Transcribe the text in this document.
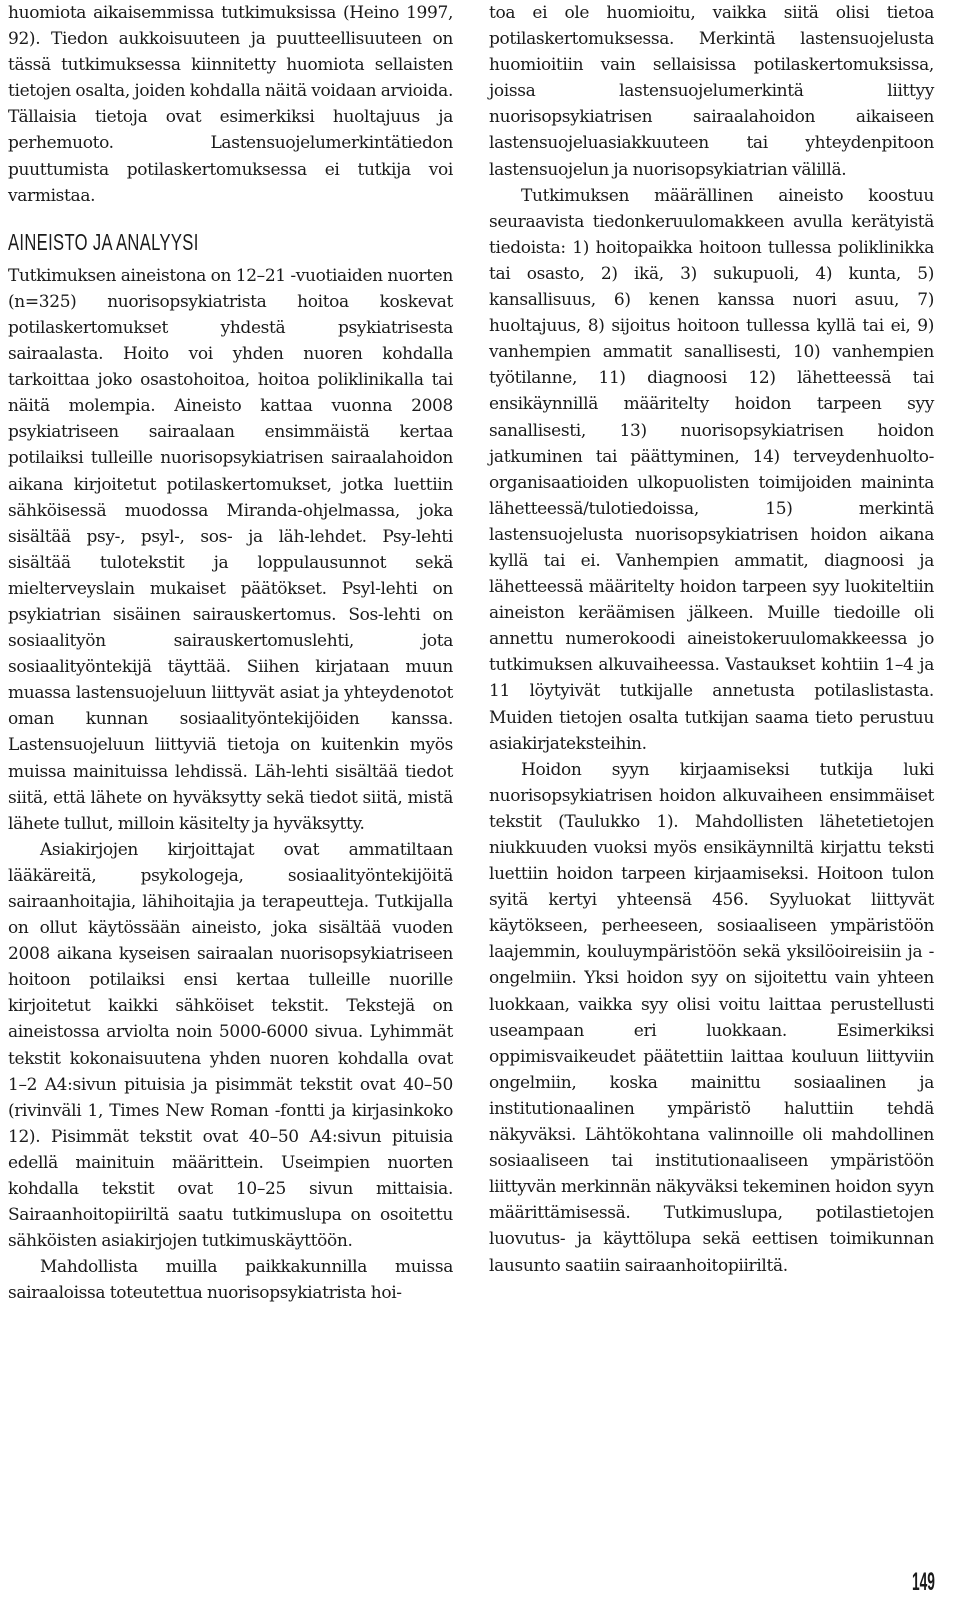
huomiota aikaisemmissa tutkimuksissa (Heino 1997, 92). Tiedon aukkoisuuteen ja puutteellisuuteen on tässä tutkimuksessa kiinnitetty huomiota sellaisten tietojen osalta, joiden kohdalla näitä voidaan arvioida. Tällaisia tietoja ovat esimerkiksi huoltajuus ja perhemuoto. Lastensuojelumerkintätiedon puuttumista potilaskertomuksessa ei tutkija voi varmistaa.

AINEISTO JA ANALYYSI

Tutkimuksen aineistona on 12–21 -vuotiaiden nuorten (n=325) nuorisopsykiatrista hoitoa koskevat potilaskertomukset yhdestä psykiatrisesta sairaalasta. Hoito voi yhden nuoren kohdalla tarkoittaa joko osastohoitoa, hoitoa poliklinikalla tai näitä molempia. Aineisto kattaa vuonna 2008 psykiatriseen sairaalaan ensimmäistä kertaa potilaiksi tulleille nuorisopsykiatrisen sairaalahoidon aikana kirjoitetut potilaskertomukset, jotka luettiin sähköisessä muodossa Miranda-ohjelmassa, joka sisältää psy-, psyl-, sos- ja läh-lehdet. Psy-lehti sisältää tulotekstit ja loppulausunnot sekä mielterveyslain mukaiset päätökset. Psyl-lehti on psykiatrian sisäinen sairauskertomus. Sos-lehti on sosiaalityön sairauskertomuslehti, jota sosiaalityöntekijä täyttää. Siihen kirjataan muun muassa lastensuojeluun liittyvät asiat ja yhteydenotot oman kunnan sosiaalityöntekijöiden kanssa. Lastensuojeluun liittyviä tietoja on kuitenkin myös muissa mainituissa lehdissä. Läh-lehti sisältää tiedot siitä, että lähete on hyväksytty sekä tiedot siitä, mistä lähete tullut, milloin käsitelty ja hyväksytty.

Asiakirjojen kirjoittajat ovat ammatiltaan lääkäreitä, psykologeja, sosiaalityöntekijöitä sairaanhoitajia, lähihoitajia ja terapeutteja. Tutkijalla on ollut käytössään aineisto, joka sisältää vuoden 2008 aikana kyseisen sairaalan nuorisopsykiatriseen hoitoon potilaiksi ensi kertaa tulleille nuorille kirjoitetut kaikki sähköiset tekstit. Tekstejä on aineistossa arviolta noin 5000-6000 sivua. Lyhimmät tekstit kokonaisuutena yhden nuoren kohdalla ovat 1–2 A4:sivun pituisia ja pisimmät tekstit ovat 40–50 (rivinväli 1, Times New Roman -fontti ja kirjasinkoko 12). Pisimmät tekstit ovat 40–50 A4:sivun pituisia edellä mainituin määrittein. Useimpien nuorten kohdalla tekstit ovat 10–25 sivun mittaisia. Sairaanhoitopiiriltä saatu tutkimuslupa on osoitettu sähköisten asiakirjojen tutkimuskäyttöön.

Mahdollista muilla paikkakunnilla muissa sairaaloissa toteutettua nuorisopsykiatrista hoi-

toa ei ole huomioitu, vaikka siitä olisi tietoa potilaskertomuksessa. Merkintä lastensuojelusta huomioitiin vain sellaisissa potilaskertomuksissa, joissa lastensuojelumerkintä liittyy nuorisopsykiatrisen sairaalahoidon aikaiseen lastensuojeluasiakkuuteen tai yhteydenpitoon lastensuojelun ja nuorisopsykiatrian välillä.

Tutkimuksen määrällinen aineisto koostuu seuraavista tiedonkeruulomakkeen avulla kerätyistä tiedoista: 1) hoitopaikka hoitoon tullessa poliklinikka tai osasto, 2) ikä, 3) sukupuoli, 4) kunta, 5) kansallisuus, 6) kenen kanssa nuori asuu, 7) huoltajuus, 8) sijoitus hoitoon tullessa kyllä tai ei, 9) vanhempien ammatit sanallisesti, 10) vanhempien työtilanne, 11) diagnoosi 12) lähetteessä tai ensikäynnillä määritelty hoidon tarpeen syy sanallisesti, 13) nuorisopsykiatrisen hoidon jatkuminen tai päättyminen, 14) terveydenhuolto-organisaatioiden ulkopuolisten toimijoiden maininta lähetteessä/tulotiedoissa, 15) merkintä lastensuojelusta nuorisopsykiatrisen hoidon aikana kyllä tai ei. Vanhempien ammatit, diagnoosi ja lähetteessä määritelty hoidon tarpeen syy luokiteltiin aineiston keräämisen jälkeen. Muille tiedoille oli annettu numerokoodi aineistokeruulomakkeessa jo tutkimuksen alkuvaiheessa. Vastaukset kohtiin 1–4 ja 11 löytyivät tutkijalle annetusta potilaslistasta. Muiden tietojen osalta tutkijan saama tieto perustuu asiakirjateksteihin.

Hoidon syyn kirjaamiseksi tutkija luki nuorisopsykiatrisen hoidon alkuvaiheen ensimmäiset tekstit (Taulukko 1). Mahdollisten lähetetietojen niukkuuden vuoksi myös ensikäynniltä kirjattu teksti luettiin hoidon tarpeen kirjaamiseksi. Hoitoon tulon syitä kertyi yhteensä 456. Syyluokat liittyvät käytökseen, perheeseen, sosiaaliseen ympäristöön laajemmin, kouluympäristöön sekä yksilöoireisiin ja -ongelmiin. Yksi hoidon syy on sijoitettu vain yhteen luokkaan, vaikka syy olisi voitu laittaa perustellusti useampaan eri luokkaan. Esimerkiksi oppimisvaikeudet päätettiin laittaa kouluun liittyviin ongelmiin, koska mainittu sosiaalinen ja institutionaalinen ympäristö haluttiin tehdä näkyväksi. Lähtökohtana valinnoille oli mahdollinen sosiaaliseen tai institutionaaliseen ympäristöön liittyvän merkinnän näkyväksi tekeminen hoidon syyn määrittämisessä. Tutkimuslupa, potilastietojen luovutus- ja käyttölupa sekä eettisen toimikunnan lausunto saatiin sairaanhoitopiiriltä.

149
